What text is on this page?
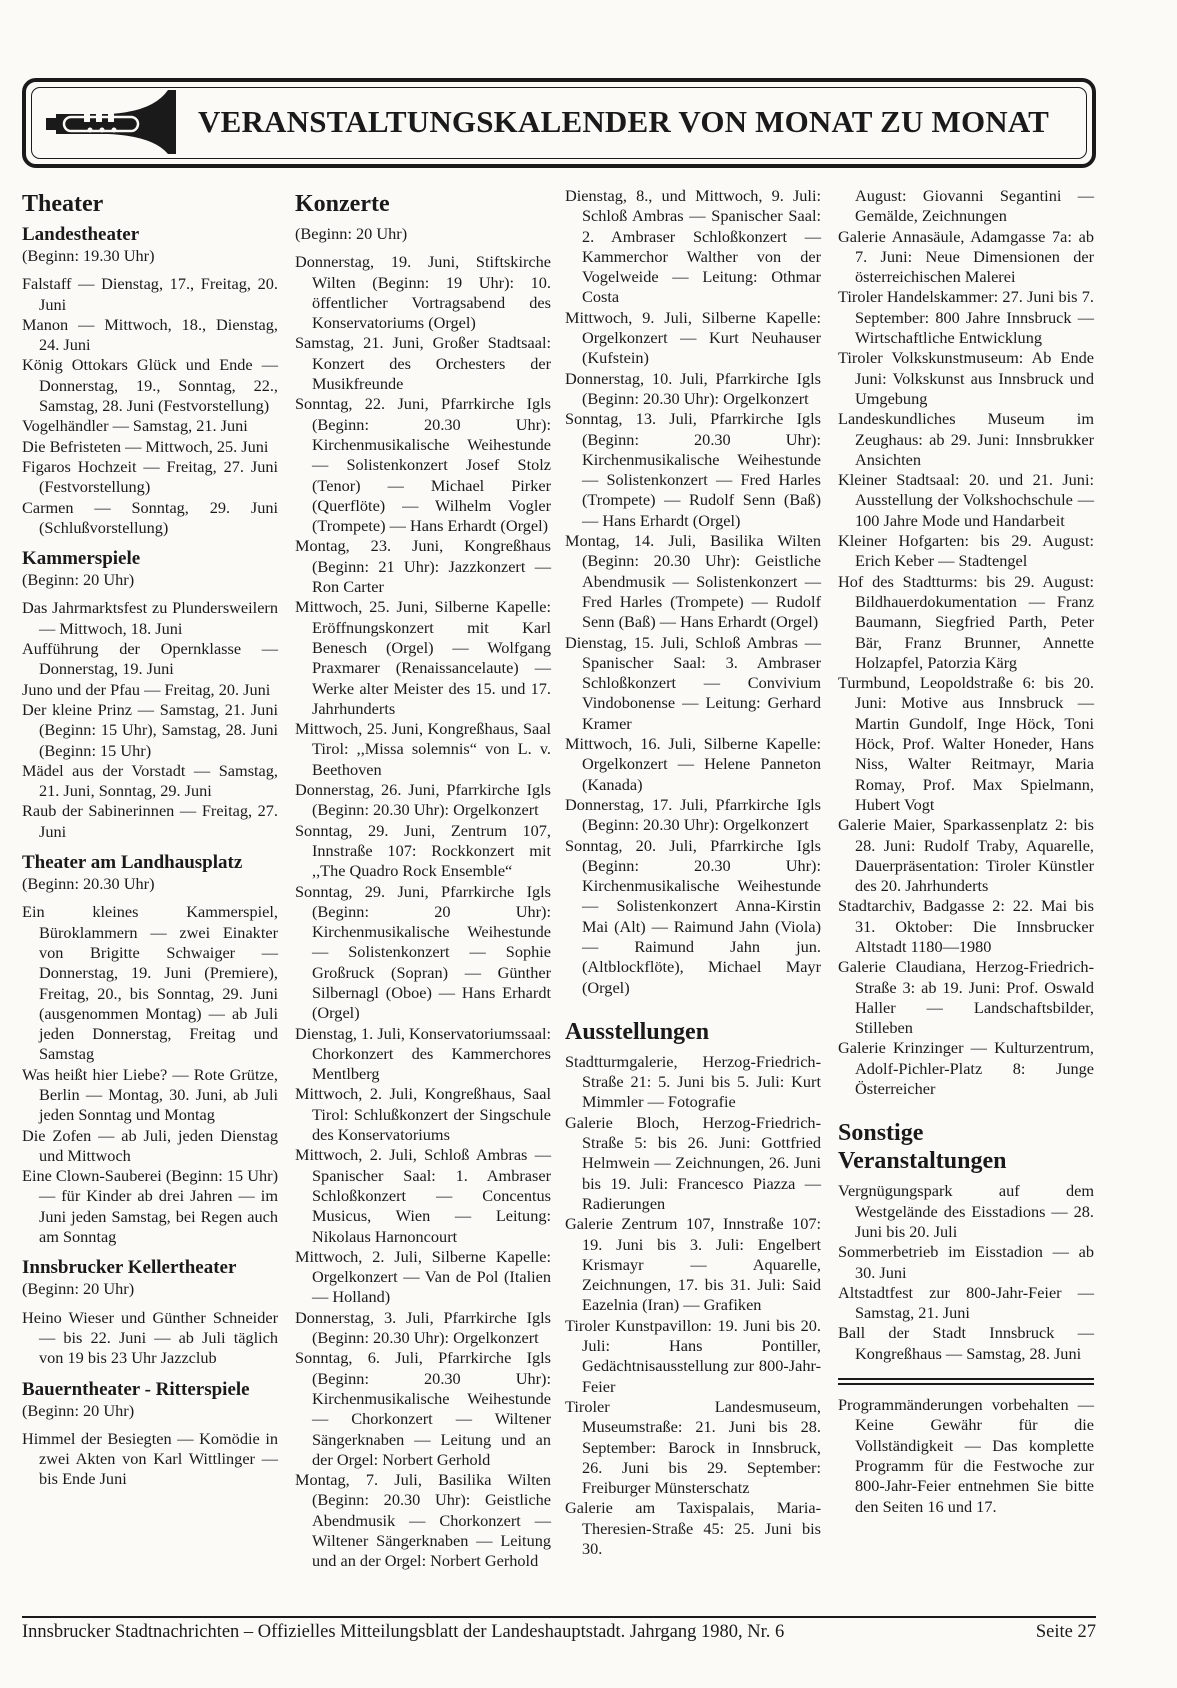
VERANSTALTUNGSKALENDER VON MONAT ZU MONAT
Theater
Landestheater
(Beginn: 19.30 Uhr)
Falstaff — Dienstag, 17., Freitag, 20. Juni
Manon — Mittwoch, 18., Dienstag, 24. Juni
König Ottokars Glück und Ende — Donnerstag, 19., Sonntag, 22., Samstag, 28. Juni (Festvorstellung)
Vogelhändler — Samstag, 21. Juni
Die Befristeten — Mittwoch, 25. Juni
Figaros Hochzeit — Freitag, 27. Juni (Festvorstellung)
Carmen — Sonntag, 29. Juni (Schlußvorstellung)
Kammerspiele
(Beginn: 20 Uhr)
Das Jahrmarktsfest zu Plundersweilern — Mittwoch, 18. Juni
Aufführung der Opernklasse — Donnerstag, 19. Juni
Juno und der Pfau — Freitag, 20. Juni
Der kleine Prinz — Samstag, 21. Juni (Beginn: 15 Uhr), Samstag, 28. Juni (Beginn: 15 Uhr)
Mädel aus der Vorstadt — Samstag, 21. Juni, Sonntag, 29. Juni
Raub der Sabinerinnen — Freitag, 27. Juni
Theater am Landhausplatz
(Beginn: 20.30 Uhr)
Ein kleines Kammerspiel, Büroklammern — zwei Einakter von Brigitte Schwaiger — Donnerstag, 19. Juni (Premiere), Freitag, 20., bis Sonntag, 29. Juni (ausgenommen Montag) — ab Juli jeden Donnerstag, Freitag und Samstag
Was heißt hier Liebe? — Rote Grütze, Berlin — Montag, 30. Juni, ab Juli jeden Sonntag und Montag
Die Zofen — ab Juli, jeden Dienstag und Mittwoch
Eine Clown-Sauberei (Beginn: 15 Uhr) — für Kinder ab drei Jahren — im Juni jeden Samstag, bei Regen auch am Sonntag
Innsbrucker Kellertheater
(Beginn: 20 Uhr)
Heino Wieser und Günther Schneider — bis 22. Juni — ab Juli täglich von 19 bis 23 Uhr Jazzclub
Bauerntheater - Ritterspiele
(Beginn: 20 Uhr)
Himmel der Besiegten — Komödie in zwei Akten von Karl Wittlinger — bis Ende Juni
Konzerte
(Beginn: 20 Uhr)
Donnerstag, 19. Juni, Stiftskirche Wilten (Beginn: 19 Uhr): 10. öffentlicher Vortragsabend des Konservatoriums (Orgel)
Samstag, 21. Juni, Großer Stadtsaal: Konzert des Orchesters der Musikfreunde
Sonntag, 22. Juni, Pfarrkirche Igls (Beginn: 20.30 Uhr): Kirchenmusikalische Weihestunde — Solistenkonzert Josef Stolz (Tenor) — Michael Pirker (Querflöte) — Wilhelm Vogler (Trompete) — Hans Erhardt (Orgel)
Montag, 23. Juni, Kongreßhaus (Beginn: 21 Uhr): Jazzkonzert — Ron Carter
Mittwoch, 25. Juni, Silberne Kapelle: Eröffnungskonzert mit Karl Benesch (Orgel) — Wolfgang Praxmarer (Renaissancelaute) — Werke alter Meister des 15. und 17. Jahrhunderts
Mittwoch, 25. Juni, Kongreßhaus, Saal Tirol: ,,Missa solemnis“ von L. v. Beethoven
Donnerstag, 26. Juni, Pfarrkirche Igls (Beginn: 20.30 Uhr): Orgelkonzert
Sonntag, 29. Juni, Zentrum 107, Innstraße 107: Rockkonzert mit ,,The Quadro Rock Ensemble“
Sonntag, 29. Juni, Pfarrkirche Igls (Beginn: 20 Uhr): Kirchenmusikalische Weihestunde — Solistenkonzert — Sophie Großruck (Sopran) — Günther Silbernagl (Oboe) — Hans Erhardt (Orgel)
Dienstag, 1. Juli, Konservatoriumssaal: Chorkonzert des Kammerchores Mentlberg
Mittwoch, 2. Juli, Kongreßhaus, Saal Tirol: Schlußkonzert der Singschule des Konservatoriums
Mittwoch, 2. Juli, Schloß Ambras — Spanischer Saal: 1. Ambraser Schloßkonzert — Concentus Musicus, Wien — Leitung: Nikolaus Harnoncourt
Mittwoch, 2. Juli, Silberne Kapelle: Orgelkonzert — Van de Pol (Italien — Holland)
Donnerstag, 3. Juli, Pfarrkirche Igls (Beginn: 20.30 Uhr): Orgelkonzert
Sonntag, 6. Juli, Pfarrkirche Igls (Beginn: 20.30 Uhr): Kirchenmusikalische Weihestunde — Chorkonzert — Wiltener Sängerknaben — Leitung und an der Orgel: Norbert Gerhold
Montag, 7. Juli, Basilika Wilten (Beginn: 20.30 Uhr): Geistliche Abendmusik — Chorkonzert — Wiltener Sängerknaben — Leitung und an der Orgel: Norbert Gerhold
Dienstag, 8., und Mittwoch, 9. Juli: Schloß Ambras — Spanischer Saal: 2. Ambraser Schloßkonzert — Kammerchor Walther von der Vogelweide — Leitung: Othmar Costa
Mittwoch, 9. Juli, Silberne Kapelle: Orgelkonzert — Kurt Neuhauser (Kufstein)
Donnerstag, 10. Juli, Pfarrkirche Igls (Beginn: 20.30 Uhr): Orgelkonzert
Sonntag, 13. Juli, Pfarrkirche Igls (Beginn: 20.30 Uhr): Kirchenmusikalische Weihestunde — Solistenkonzert — Fred Harles (Trompete) — Rudolf Senn (Baß) — Hans Erhardt (Orgel)
Montag, 14. Juli, Basilika Wilten (Beginn: 20.30 Uhr): Geistliche Abendmusik — Solistenkonzert — Fred Harles (Trompete) — Rudolf Senn (Baß) — Hans Erhardt (Orgel)
Dienstag, 15. Juli, Schloß Ambras — Spanischer Saal: 3. Ambraser Schloßkonzert — Convivium Vindobonense — Leitung: Gerhard Kramer
Mittwoch, 16. Juli, Silberne Kapelle: Orgelkonzert — Helene Panneton (Kanada)
Donnerstag, 17. Juli, Pfarrkirche Igls (Beginn: 20.30 Uhr): Orgelkonzert
Sonntag, 20. Juli, Pfarrkirche Igls (Beginn: 20.30 Uhr): Kirchenmusikalische Weihestunde — Solistenkonzert Anna-Kirstin Mai (Alt) — Raimund Jahn (Viola) — Raimund Jahn jun. (Altblockflöte), Michael Mayr (Orgel)
Ausstellungen
Stadtturmgalerie, Herzog-Friedrich-Straße 21: 5. Juni bis 5. Juli: Kurt Mimmler — Fotografie
Galerie Bloch, Herzog-Friedrich-Straße 5: bis 26. Juni: Gottfried Helmwein — Zeichnungen, 26. Juni bis 19. Juli: Francesco Piazza — Radierungen
Galerie Zentrum 107, Innstraße 107: 19. Juni bis 3. Juli: Engelbert Krismayr — Aquarelle, Zeichnungen, 17. bis 31. Juli: Said Eazelnia (Iran) — Grafiken
Tiroler Kunstpavillon: 19. Juni bis 20. Juli: Hans Pontiller, Gedächtnisausstellung zur 800-Jahr-Feier
Tiroler Landesmuseum, Museumstraße: 21. Juni bis 28. September: Barock in Innsbruck, 26. Juni bis 29. September: Freiburger Münsterschatz
Galerie am Taxispalais, Maria-Theresien-Straße 45: 25. Juni bis 30.
August: Giovanni Segantini — Gemälde, Zeichnungen
Galerie Annasäule, Adamgasse 7a: ab 7. Juni: Neue Dimensionen der österreichischen Malerei
Tiroler Handelskammer: 27. Juni bis 7. September: 800 Jahre Innsbruck — Wirtschaftliche Entwicklung
Tiroler Volkskunstmuseum: Ab Ende Juni: Volkskunst aus Innsbruck und Umgebung
Landeskundliches Museum im Zeughaus: ab 29. Juni: Innsbrukker Ansichten
Kleiner Stadtsaal: 20. und 21. Juni: Ausstellung der Volkshochschule — 100 Jahre Mode und Handarbeit
Kleiner Hofgarten: bis 29. August: Erich Keber — Stadtengel
Hof des Stadtturms: bis 29. August: Bildhauerdokumentation — Franz Baumann, Siegfried Parth, Peter Bär, Franz Brunner, Annette Holzapfel, Patorzia Kärg
Turmbund, Leopoldstraße 6: bis 20. Juni: Motive aus Innsbruck — Martin Gundolf, Inge Höck, Toni Höck, Prof. Walter Honeder, Hans Niss, Walter Reitmayr, Maria Romay, Prof. Max Spielmann, Hubert Vogt
Galerie Maier, Sparkassenplatz 2: bis 28. Juni: Rudolf Traby, Aquarelle, Dauerpräsentation: Tiroler Künstler des 20. Jahrhunderts
Stadtarchiv, Badgasse 2: 22. Mai bis 31. Oktober: Die Innsbrucker Altstadt 1180—1980
Galerie Claudiana, Herzog-Friedrich-Straße 3: ab 19. Juni: Prof. Oswald Haller — Landschaftsbilder, Stilleben
Galerie Krinzinger — Kulturzentrum, Adolf-Pichler-Platz 8: Junge Österreicher
Sonstige Veranstaltungen
Vergnügungspark auf dem Westgelände des Eisstadions — 28. Juni bis 20. Juli
Sommerbetrieb im Eisstadion — ab 30. Juni
Altstadtfest zur 800-Jahr-Feier — Samstag, 21. Juni
Ball der Stadt Innsbruck — Kongreßhaus — Samstag, 28. Juni
Programmänderungen vorbehalten — Keine Gewähr für die Vollständigkeit — Das komplette Programm für die Festwoche zur 800-Jahr-Feier entnehmen Sie bitte den Seiten 16 und 17.
Innsbrucker Stadtnachrichten – Offizielles Mitteilungsblatt der Landeshauptstadt. Jahrgang 1980, Nr. 6	Seite 27
